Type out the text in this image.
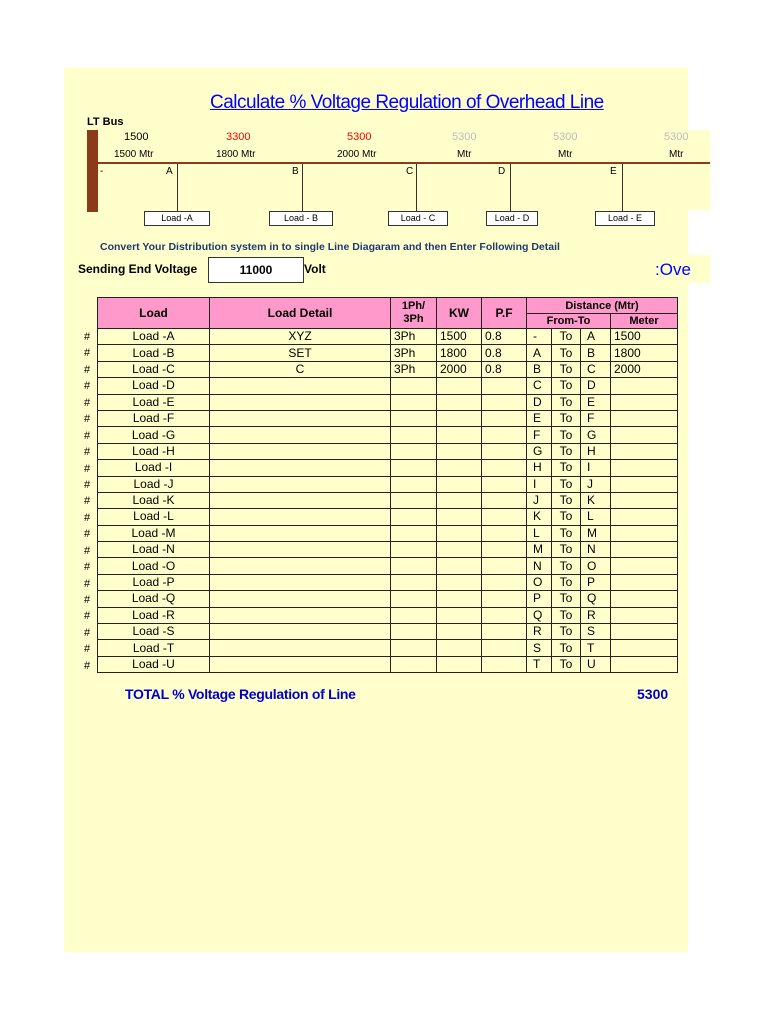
Calculate % Voltage Regulation of Overhead Line
LT Bus
1500	3300	5300	5300	5300	5300
1500 Mtr	1800 Mtr	2000 Mtr	Mtr	Mtr	Mtr
-	A	B	C	D	E
Load -A	Load - B	Load - C	Load - D	Load - E
Convert Your Distribution system in to single Line Diagaram and then Enter Following Detail
Sending End Voltage	11000	Volt	:Ove
#
#
#
#
#
#
#
#
#
#
#
#
#
#
#
#
#
#
#
#
#
Load	Load Detail	1Ph/ 3Ph	KW	P.F	Distance (Mtr)			
					From-To			Meter
Load -A	XYZ	3Ph	1500	0.8	-	To	A	1500
Load -B	SET	3Ph	1800	0.8	A	To	B	1800
Load -C	C	3Ph	2000	0.8	B	To	C	2000
Load -D					C	To	D	
Load -E					D	To	E	
Load -F					E	To	F	
Load -G					F	To	G	
Load -H					G	To	H	
Load -I					H	To	I	
Load -J					I	To	J	
Load -K					J	To	K	
Load -L					K	To	L	
Load -M					L	To	M	
Load -N					M	To	N	
Load -O					N	To	O	
Load -P					O	To	P	
Load -Q					P	To	Q	
Load -R					Q	To	R	
Load -S					R	To	S	
Load -T					S	To	T	
Load -U					T	To	U	
TOTAL % Voltage Regulation of Line	5300
